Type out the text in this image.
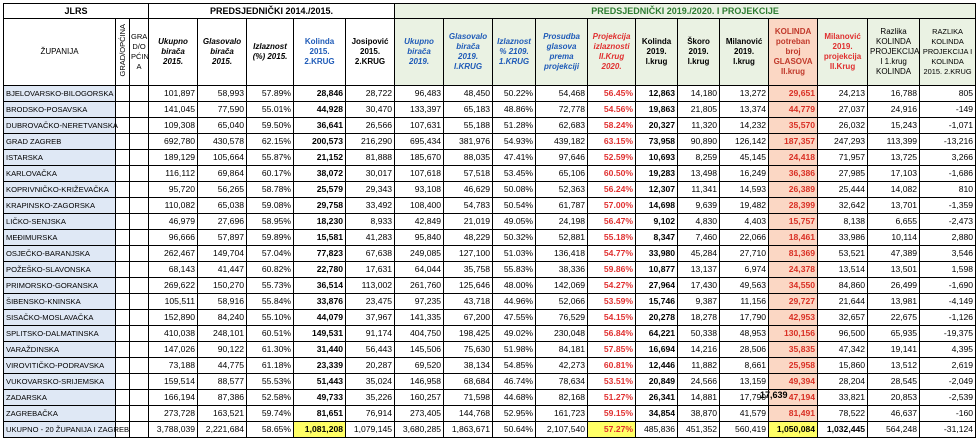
JLRS			PREDSJEDNIČKI 2014./2015.					PREDSJEDNIČKI 2019./2020. I PROJEKCIJE											
ŽUPANIJA	GRAD/OPĆINA	GRA D/O PĆIN A	Ukupno birača 2015.	Glasovalo birača 2015.	Izlaznost (%) 2015.	Kolinda 2015. 2.KRUG	Josipović 2015. 2.KRUG	Ukupno birača 2019.	Glasovalo birača 2019. I.KRUG	Izlaznost % 2109. 1.KRUG	Prosudba glasova prema projekciji	Projekcija izlaznosti II.Krug 2020.	Kolinda 2019. I.krug	Škoro 2019. I.krug	Milanović 2019. I.krug	KOLINDA potreban broj GLASOVA II.krug	Milanović 2019. projekcija II.Krug	Razlika KOLINDA PROJEKCIJA I 1.krug KOLINDA	RAZLIKA KOLINDA PROJEKCIJA I KOLINDA 2015. 2.KRUG
BJELOVARSKO-BILOGORSKA			101,897	58,993	57.89%	28,846	28,722	96,483	48,450	50.22%	54,468	56.45%	12,863	14,180	13,272	29,651	24,213	16,788	805
BRODSKO-POSAVSKA			141,045	77,590	55.01%	44,928	30,470	133,397	65,183	48.86%	72,778	54.56%	19,863	21,805	13,374	44,779	27,037	24,916	-149
DUBROVAČKO-NERETVANSKA			109,308	65,040	59.50%	36,641	26,566	107,631	55,188	51.28%	62,683	58.24%	20,327	11,320	14,232	35,570	26,032	15,243	-1,071
GRAD ZAGREB			692,780	430,578	62.15%	200,573	216,290	695,434	381,976	54.93%	439,182	63.15%	73,958	90,890	126,142	187,357	247,293	113,399	-13,216
ISTARSKA			189,129	105,664	55.87%	21,152	81,888	185,670	88,035	47.41%	97,646	52.59%	10,693	8,259	45,145	24,418	71,957	13,725	3,266
KARLOVAČKA			116,112	69,864	60.17%	38,072	30,017	107,618	57,518	53.45%	65,106	60.50%	19,283	13,498	16,249	36,386	27,985	17,103	-1,686
KOPRIVNIČKO-KRIŽEVAČKA			95,720	56,265	58.78%	25,579	29,343	93,108	46,629	50.08%	52,363	56.24%	12,307	11,341	14,593	26,389	25,444	14,082	810
KRAPINSKO-ZAGORSKA			110,082	65,038	59.08%	29,758	33,492	108,400	54,783	50.54%	61,787	57.00%	14,698	9,639	19,482	28,399	32,642	13,701	-1,359
LIČKO-SENJSKA			46,979	27,696	58.95%	18,230	8,933	42,849	21,019	49.05%	24,198	56.47%	9,102	4,830	4,403	15,757	8,138	6,655	-2,473
MEĐIMURSKA			96,666	57,897	59.89%	15,581	41,283	95,840	48,229	50.32%	52,881	55.18%	8,347	7,460	22,066	18,461	33,986	10,114	2,880
OSJEČKO-BARANJSKA			262,467	149,704	57.04%	77,823	67,638	249,085	127,100	51.03%	136,418	54.77%	33,980	45,284	27,710	81,369	53,521	47,389	3,546
POŽEŠKO-SLAVONSKA			68,143	41,447	60.82%	22,780	17,631	64,044	35,758	55.83%	38,336	59.86%	10,877	13,137	6,974	24,378	13,514	13,501	1,598
PRIMORSKO-GORANSKA			269,622	150,270	55.73%	36,514	113,002	261,760	125,646	48.00%	142,069	54.27%	27,964	17,430	49,563	34,550	84,860	26,499	-1,690
ŠIBENSKO-KNINSKA			105,511	58,916	55.84%	33,876	23,475	97,235	43,718	44.96%	52,066	53.59%	15,746	9,387	11,156	29,727	21,644	13,981	-4,149
SISAČKO-MOSLAVAČKA			152,890	84,240	55.10%	44,079	37,967	141,335	67,200	47.55%	76,529	54.15%	20,278	18,278	17,790	42,953	32,657	22,675	-1,126
SPLITSKO-DALMATINSKA			410,038	248,101	60.51%	149,531	91,174	404,750	198,425	49.02%	230,048	56.84%	64,221	50,338	48,953	130,156	96,500	65,935	-19,375
VARAŽDINSKA			147,026	90,122	61.30%	31,440	56,443	145,506	75,630	51.98%	84,181	57.85%	16,694	14,216	28,506	35,835	47,342	19,141	4,395
VIROVITIČKO-PODRAVSKA			73,188	44,775	61.18%	23,339	20,287	69,520	38,134	54.85%	42,273	60.81%	12,446	11,882	8,661	25,958	15,860	13,512	2,619
VUKOVARSKO-SRIJEMSKA			159,514	88,577	55.53%	51,443	35,024	146,958	68,684	46.74%	78,634	53.51%	20,849	24,566	13,159	49,394	28,204	28,545	-2,049
ZADARSKA			166,194	87,386	52.58%	49,733	35,226	160,257	71,598	44.68%	82,168	51.27%	26,341	14,881	17,790	47,194	33,821	20,853	-2,539
ZAGREBAČKA			273,728	163,521	59.74%	81,651	76,914	273,405	144,768	52.95%	161,723	59.15%	34,854	38,870	41,579	81,491	78,522	46,637	-160
UKUPNO - 20 ŽUPANIJA I ZAGREB			3,788,039	2,221,684	58.65%	1,081,208	1,079,145	3,680,285	1,863,671	50.64%	2,107,540	57.27%	485,836	451,352	560,419	1,050,084	1,032,445	564,248	-31,124
17,639
